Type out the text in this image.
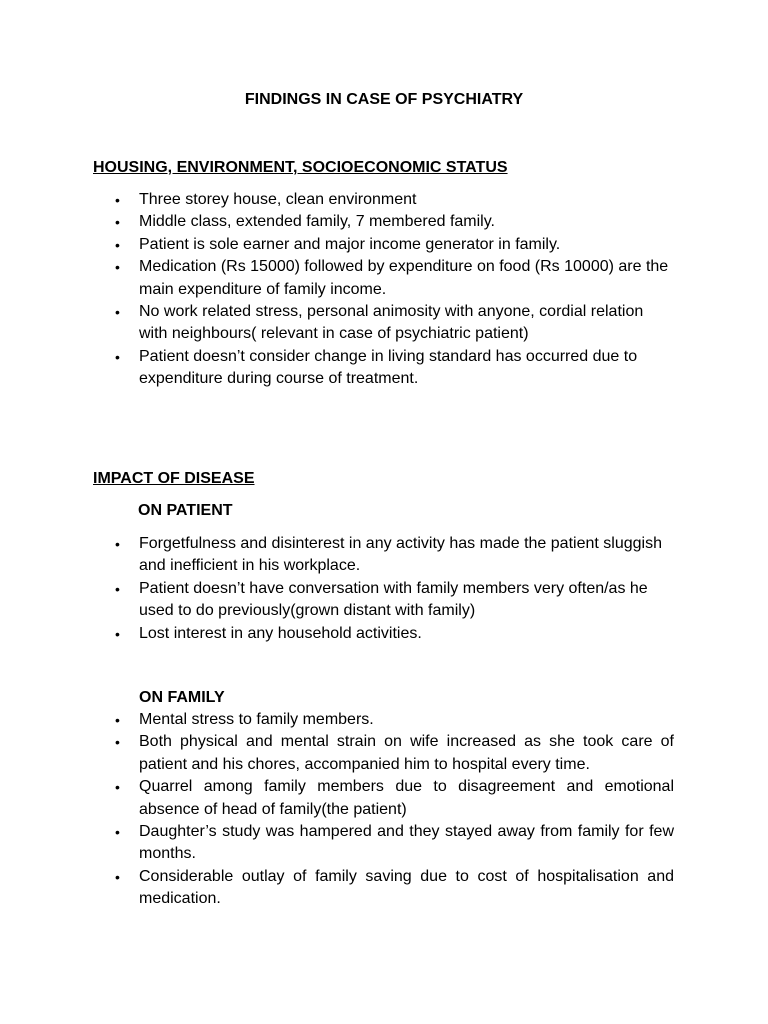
FINDINGS IN CASE OF PSYCHIATRY
HOUSING, ENVIRONMENT, SOCIOECONOMIC STATUS
• Three storey house, clean environment
• Middle class, extended family, 7 membered family.
• Patient is sole earner and major income generator in family.
• Medication (Rs 15000) followed by expenditure on food (Rs 10000) are the main expenditure of family income.
• No work related stress, personal animosity with anyone, cordial relation with neighbours( relevant in case of psychiatric patient)
• Patient doesn’t consider change in living standard has occurred due to expenditure during course of treatment.
IMPACT OF DISEASE
ON PATIENT
• Forgetfulness and disinterest in any activity has made the patient sluggish and inefficient in his workplace.
• Patient doesn’t have conversation with family members very often/as he used to do previously(grown distant with family)
• Lost interest in any household activities.
ON FAMILY
• Mental stress to family members.
• Both physical and mental strain on wife increased as she took care of patient and his chores, accompanied him to hospital every time.
• Quarrel among family members due to disagreement and emotional absence of head of family(the patient)
• Daughter’s study was hampered and they stayed away from family for few months.
• Considerable outlay of family saving due to cost of hospitalisation and medication.
